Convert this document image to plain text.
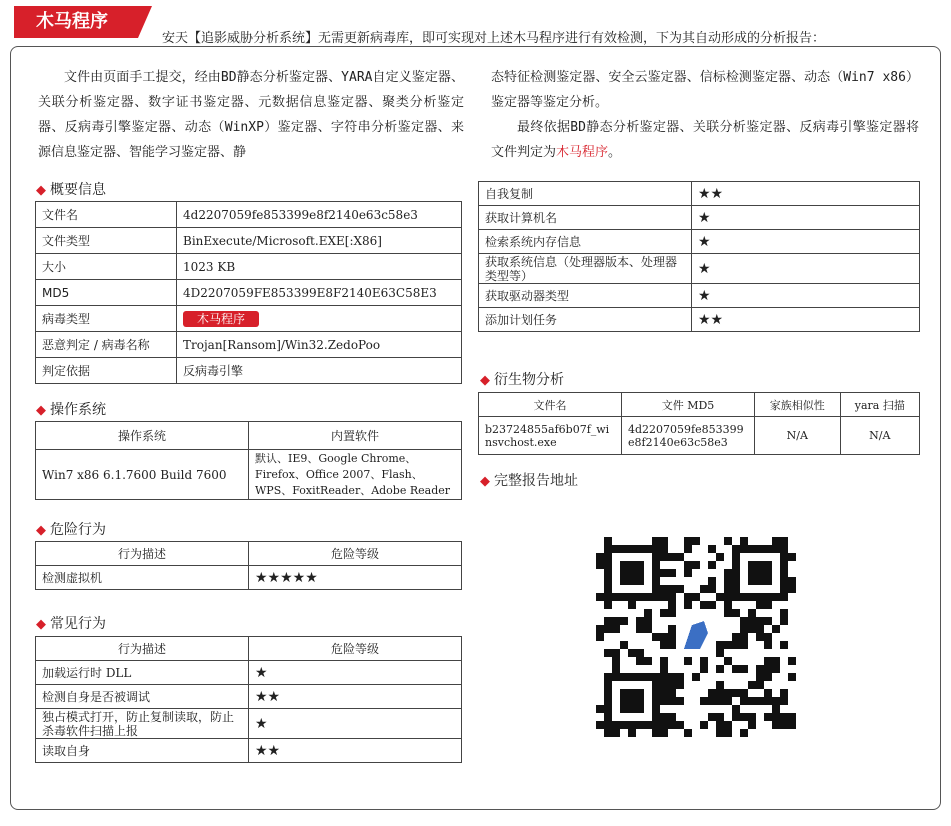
木马程序
安天【追影威胁分析系统】无需更新病毒库，即可实现对上述木马程序进行有效检测，下为其自动形成的分析报告：
文件由页面手工提交，经由BD静态分析鉴定器、YARA自定义鉴定器、关联分析鉴定器、数字证书鉴定器、元数据信息鉴定器、聚类分析鉴定器、反病毒引擎鉴定器、动态（WinXP）鉴定器、字符串分析鉴定器、来源信息鉴定器、智能学习鉴定器、静
态特征检测鉴定器、安全云鉴定器、信标检测鉴定器、动态（Win7 x86）鉴定器等鉴定分析。
最终依据BD静态分析鉴定器、关联分析鉴定器、反病毒引擎鉴定器将文件判定为木马程序。
◆ 概要信息
文件名	4d2207059fe853399e8f2140e63c58e3
文件类型	BinExecute/Microsoft.EXE[:X86]
大小	1023 KB
MD5	4D2207059FE853399E8F2140E63C58E3
病毒类型	木马程序
恶意判定 / 病毒名称	Trojan[Ransom]/Win32.ZedoPoo
判定依据	反病毒引擎
◆ 操作系统
操作系统	内置软件
Win7 x86 6.1.7600 Build 7600	默认、IE9、Google Chrome、Firefox、Office 2007、Flash、WPS、FoxitReader、Adobe Reader
◆ 危险行为
行为描述	危险等级
检测虚拟机	★★★★★
◆ 常见行为
行为描述	危险等级
加载运行时 DLL	★
检测自身是否被调试	★★
独占模式打开，防止复制读取，防止杀毒软件扫描上报	★
读取自身	★★
自我复制	★★
获取计算机名	★
检索系统内存信息	★
获取系统信息（处理器版本、处理器类型等）	★
获取驱动器类型	★
添加计划任务	★★
◆ 衍生物分析
文件名	文件 MD5	家族相似性	yara 扫描
b23724855af6b07f_winsvchost.exe	4d2207059fe853399e8f2140e63c58e3	N/A	N/A
◆ 完整报告地址
